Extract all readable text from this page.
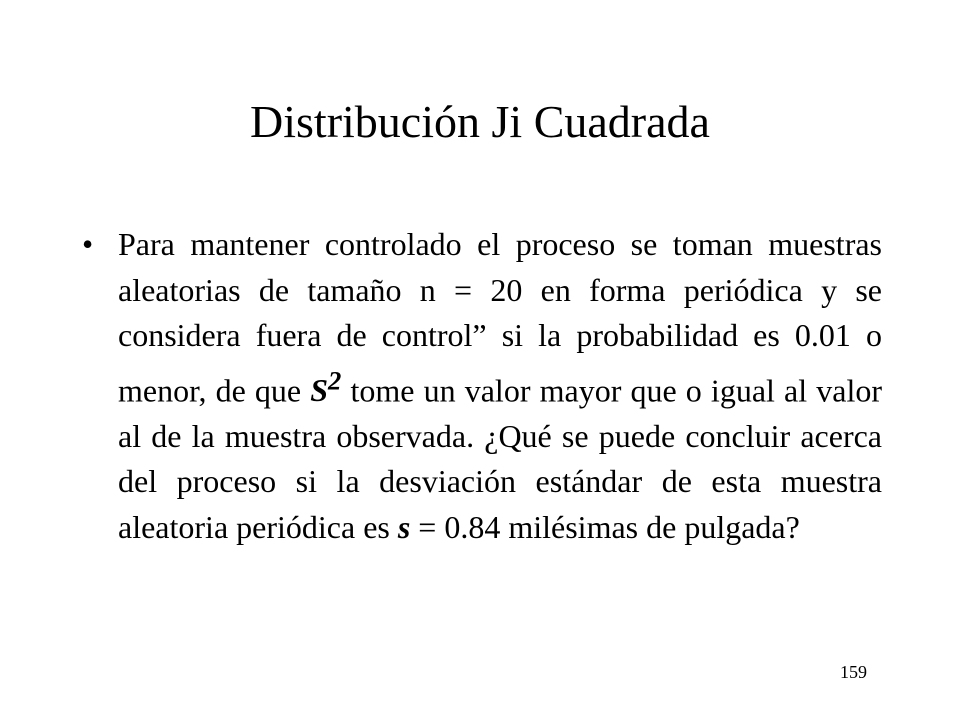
Distribución Ji Cuadrada
• Para mantener controlado el proceso se toman muestras aleatorias de tamaño n = 20 en forma periódica y se considera fuera de control” si la probabilidad es 0.01 o menor, de que $S^2$ tome un valor mayor que o igual al valor al de la muestra observada. ¿Qué se puede concluir acerca del proceso si la desviación estándar de esta muestra aleatoria periódica es s = 0.84 milésimas de pulgada?

159
